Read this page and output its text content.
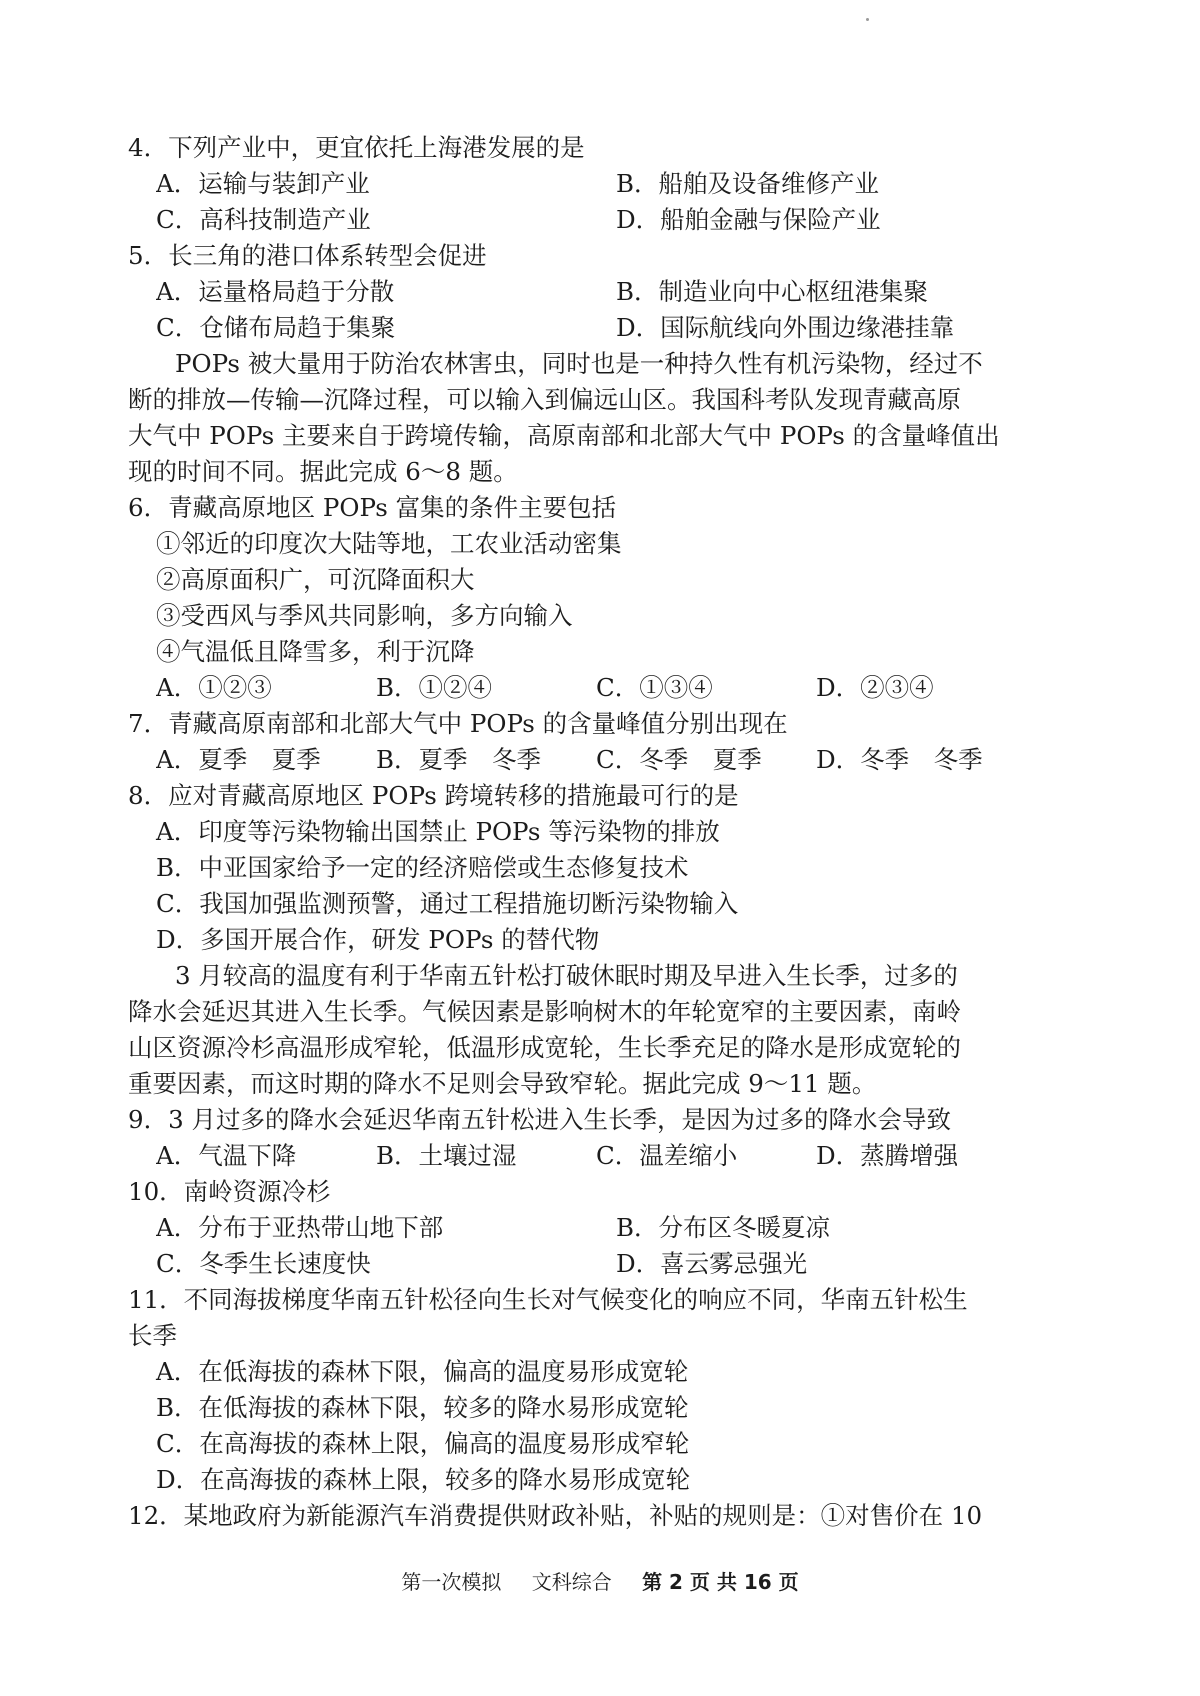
4．下列产业中，更宜依托上海港发展的是
A．运输与装卸产业	B．船舶及设备维修产业
C．高科技制造产业	D．船舶金融与保险产业
5．长三角的港口体系转型会促进
A．运量格局趋于分散	B．制造业向中心枢纽港集聚
C．仓储布局趋于集聚	D．国际航线向外围边缘港挂靠
POPs 被大量用于防治农林害虫，同时也是一种持久性有机污染物，经过不
断的排放—传输—沉降过程，可以输入到偏远山区。我国科考队发现青藏高原
大气中 POPs 主要来自于跨境传输，高原南部和北部大气中 POPs 的含量峰值出
现的时间不同。据此完成 6～8 题。
6．青藏高原地区 POPs 富集的条件主要包括
①邻近的印度次大陆等地，工农业活动密集
②高原面积广，可沉降面积大
③受西风与季风共同影响，多方向输入
④气温低且降雪多，利于沉降
A．①②③	B．①②④	C．①③④	D．②③④
7．青藏高原南部和北部大气中 POPs 的含量峰值分别出现在
A．夏季　夏季	B．夏季　冬季	C．冬季　夏季	D．冬季　冬季
8．应对青藏高原地区 POPs 跨境转移的措施最可行的是
A．印度等污染物输出国禁止 POPs 等污染物的排放
B．中亚国家给予一定的经济赔偿或生态修复技术
C．我国加强监测预警，通过工程措施切断污染物输入
D．多国开展合作，研发 POPs 的替代物
3 月较高的温度有利于华南五针松打破休眠时期及早进入生长季，过多的
降水会延迟其进入生长季。气候因素是影响树木的年轮宽窄的主要因素，南岭
山区资源冷杉高温形成窄轮，低温形成宽轮，生长季充足的降水是形成宽轮的
重要因素，而这时期的降水不足则会导致窄轮。据此完成 9～11 题。
9．3 月过多的降水会延迟华南五针松进入生长季，是因为过多的降水会导致
A．气温下降	B．土壤过湿	C．温差缩小	D．蒸腾增强
10．南岭资源冷杉
A．分布于亚热带山地下部	B．分布区冬暖夏凉
C．冬季生长速度快	D．喜云雾忌强光
11．不同海拔梯度华南五针松径向生长对气候变化的响应不同，华南五针松生
长季
A．在低海拔的森林下限，偏高的温度易形成宽轮
B．在低海拔的森林下限，较多的降水易形成宽轮
C．在高海拔的森林上限，偏高的温度易形成窄轮
D．在高海拔的森林上限，较多的降水易形成宽轮
12．某地政府为新能源汽车消费提供财政补贴，补贴的规则是：①对售价在 10
第一次模拟 文科综合 第 2 页 共 16 页
